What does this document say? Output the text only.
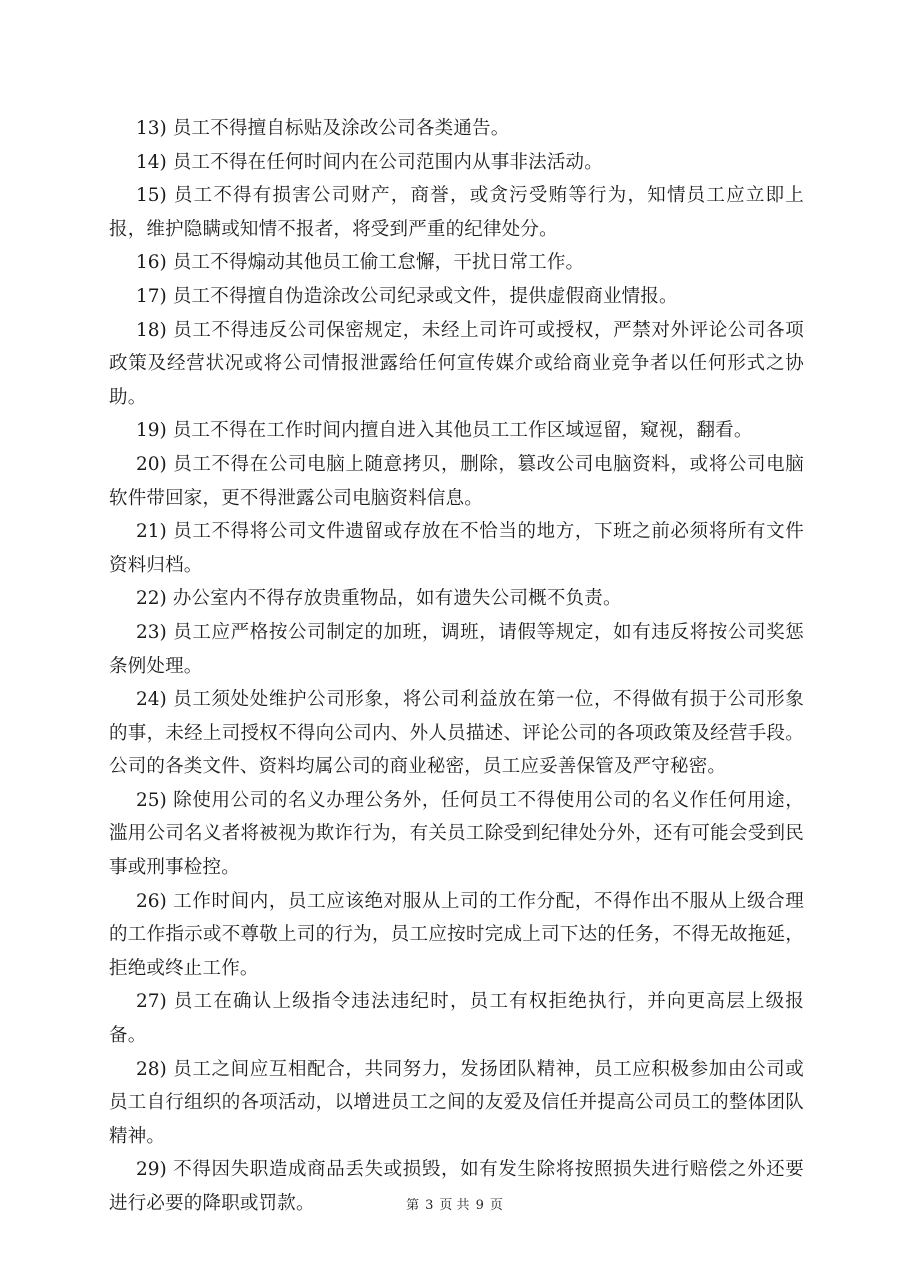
13) 员工不得擅自标贴及涂改公司各类通告。

14) 员工不得在任何时间内在公司范围内从事非法活动。

15) 员工不得有损害公司财产，商誉，或贪污受贿等行为，知情员工应立即上报，维护隐瞒或知情不报者，将受到严重的纪律处分。

16) 员工不得煽动其他员工偷工怠懈，干扰日常工作。

17) 员工不得擅自伪造涂改公司纪录或文件，提供虚假商业情报。

18) 员工不得违反公司保密规定，未经上司许可或授权，严禁对外评论公司各项政策及经营状况或将公司情报泄露给任何宣传媒介或给商业竞争者以任何形式之协助。

19) 员工不得在工作时间内擅自进入其他员工工作区域逗留，窥视，翻看。

20) 员工不得在公司电脑上随意拷贝，删除，篡改公司电脑资料，或将公司电脑软件带回家，更不得泄露公司电脑资料信息。

21) 员工不得将公司文件遗留或存放在不恰当的地方，下班之前必须将所有文件资料归档。

22) 办公室内不得存放贵重物品，如有遗失公司概不负责。

23) 员工应严格按公司制定的加班，调班，请假等规定，如有违反将按公司奖惩条例处理。

24) 员工须处处维护公司形象，将公司利益放在第一位，不得做有损于公司形象的事，未经上司授权不得向公司内、外人员描述、评论公司的各项政策及经营手段。公司的各类文件、资料均属公司的商业秘密，员工应妥善保管及严守秘密。

25) 除使用公司的名义办理公务外，任何员工不得使用公司的名义作任何用途，滥用公司名义者将被视为欺诈行为，有关员工除受到纪律处分外，还有可能会受到民事或刑事检控。

26) 工作时间内，员工应该绝对服从上司的工作分配，不得作出不服从上级合理的工作指示或不尊敬上司的行为，员工应按时完成上司下达的任务，不得无故拖延，拒绝或终止工作。

27) 员工在确认上级指令违法违纪时，员工有权拒绝执行，并向更高层上级报备。

28) 员工之间应互相配合，共同努力，发扬团队精神，员工应积极参加由公司或员工自行组织的各项活动，以增进员工之间的友爱及信任并提高公司员工的整体团队精神。

29) 不得因失职造成商品丢失或损毁，如有发生除将按照损失进行赔偿之外还要进行必要的降职或罚款。	第 3 页 共 9 页
